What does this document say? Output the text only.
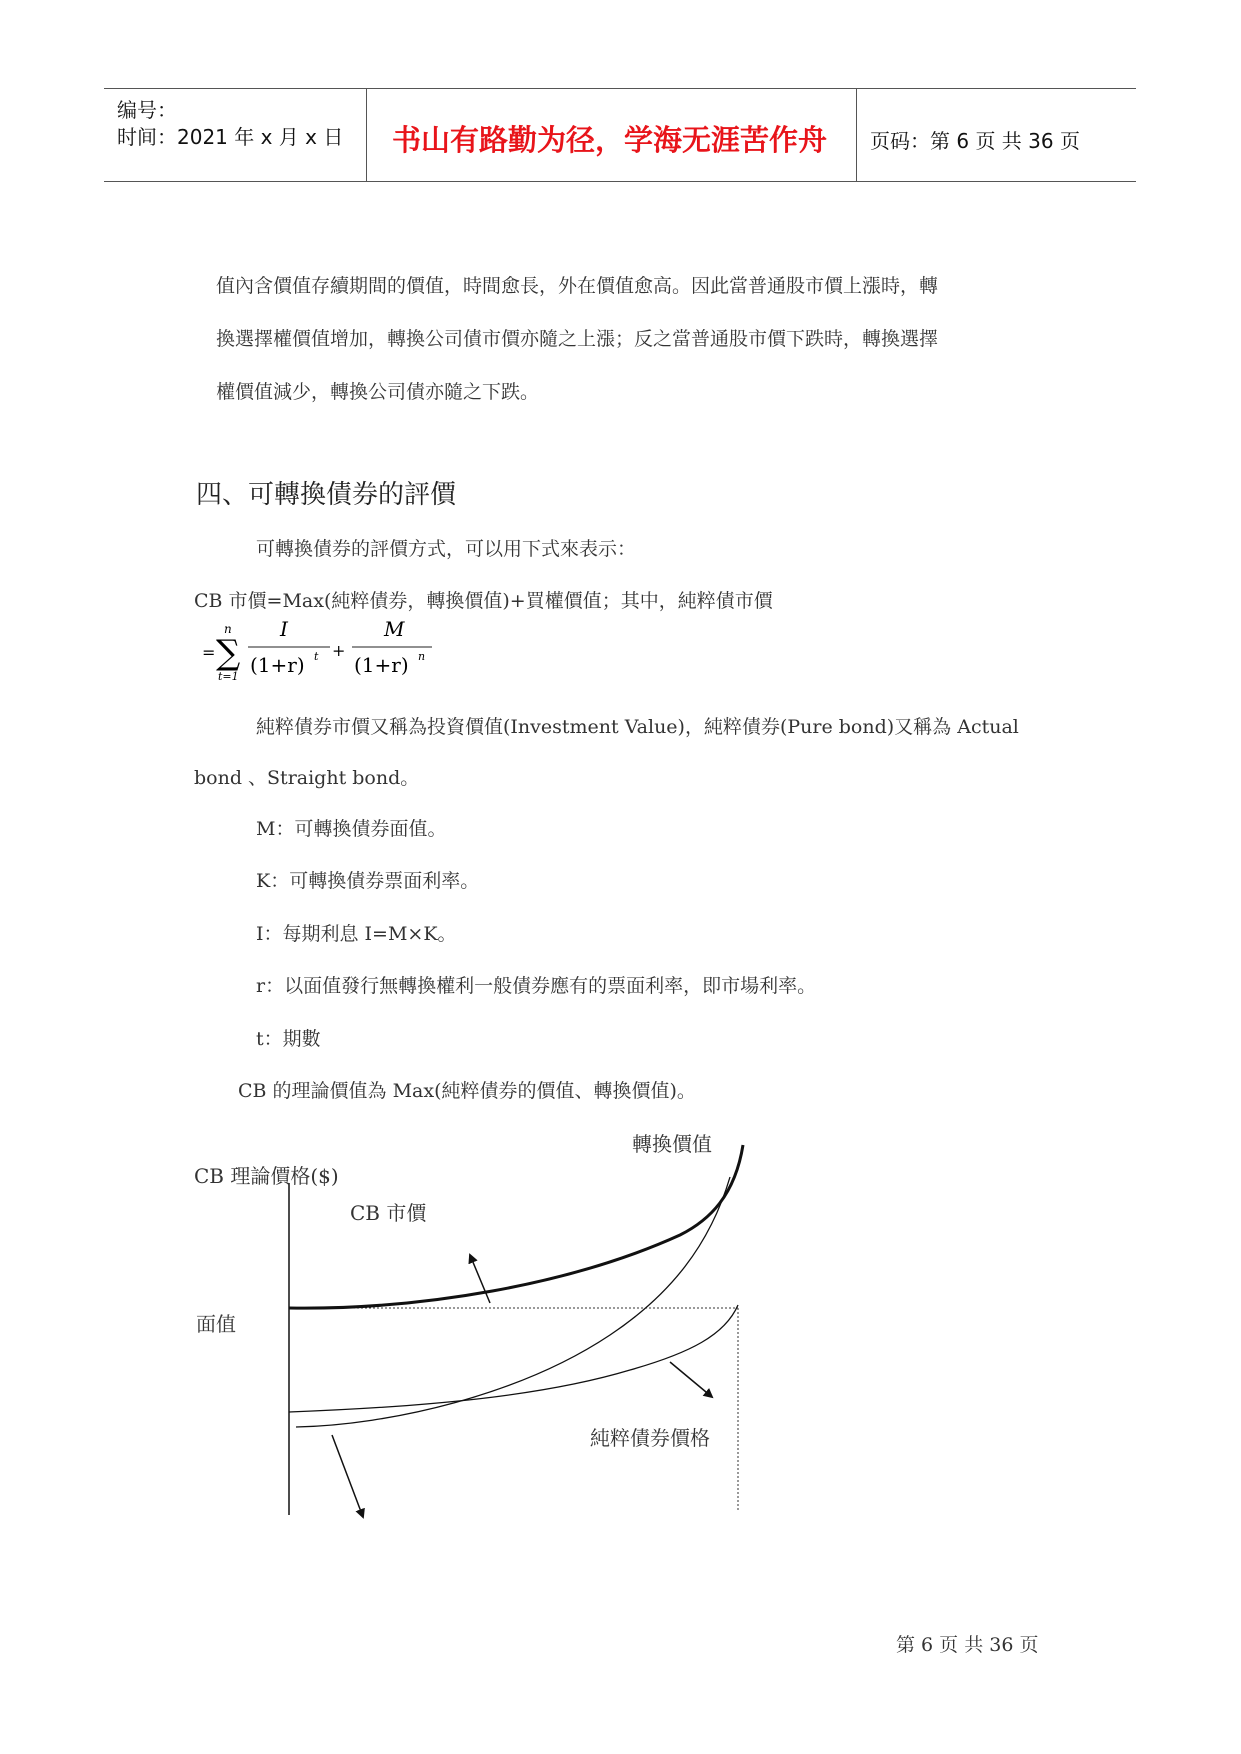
编号：
时间：2021 年 x 月 x 日 书山有路勤为径，学海无涯苦作舟 页码：第 6 页 共 36 页
值內含價值存續期間的價值，時間愈長，外在價值愈高。因此當普通股市價上漲時，轉
換選擇權價值增加，轉換公司債市價亦隨之上漲；反之當普通股市價下跌時，轉換選擇
權價值減少，轉換公司債亦隨之下跌。
四、可轉換債券的評價
可轉換債券的評價方式，可以用下式來表示：
CB 市價=Max(純粹債券，轉換價值)+買權價值；其中，純粹債市價
=
n
∑
t=1
I
(1+r) t +
M
(1+r) n
純粹債券市價又稱為投資價值(Investment Value)，純粹債券(Pure bond)又稱為 Actual
bond 、Straight bond。
M：可轉換債券面值。
K：可轉換債券票面利率。
I：每期利息 I=M×K。
r：以面值發行無轉換權利一般債券應有的票面利率，即市場利率。
t：期數
CB 的理論價值為 Max(純粹債券的價值、轉換價值)。
轉換價值
CB 理論價格($)
CB 市價
面值
純粹債券價格
第 6 页 共 36 页
